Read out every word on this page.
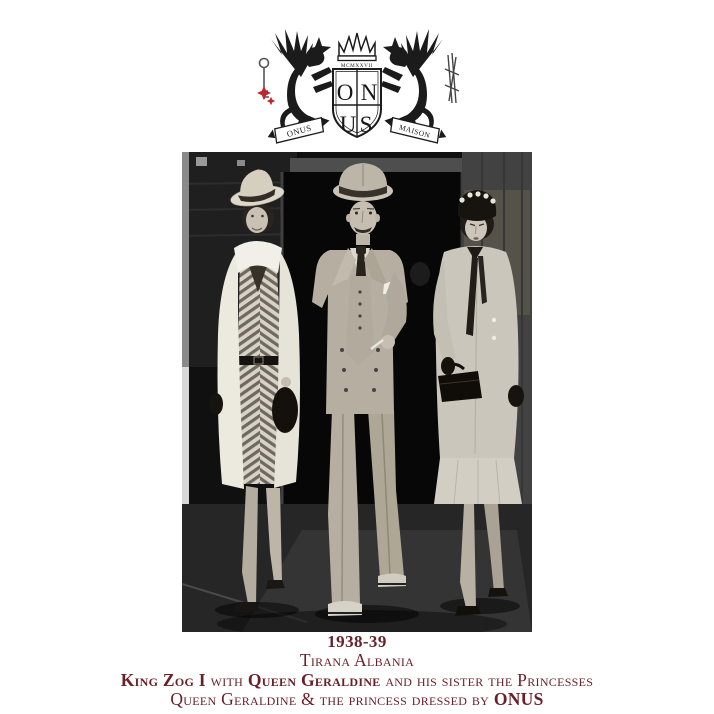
MCMXXVII
O N
U S
ONUS	MAISON
1938-39
Tirana Albania
King Zog I with Queen Geraldine and his sister the Princesses
Queen Geraldine & the princess dressed by ONUS
